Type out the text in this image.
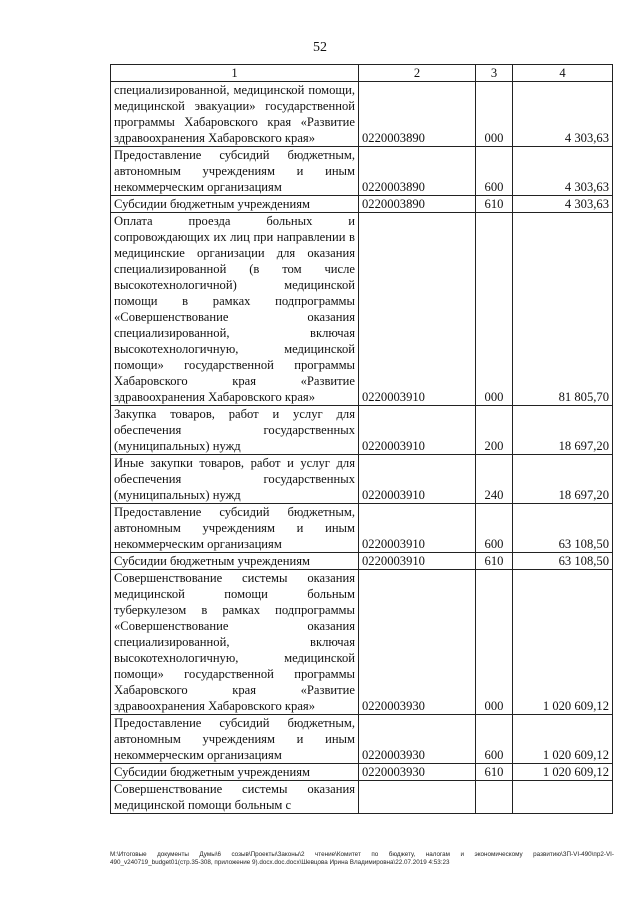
52
1	2	3	4
специализированной, медицинской помощи, медицинской эвакуации» государственной программы Хабаровского края «Развитие здравоохранения Хабаровского края»	0220003890	000	4 303,63
Предоставление субсидий бюджетным, автономным учреждениям и иным некоммерческим организациям	0220003890	600	4 303,63
Субсидии бюджетным учреждениям	0220003890	610	4 303,63
Оплата проезда больных и сопровождающих их лиц при направлении в медицинские организации для оказания специализированной (в том числе высокотехнологичной) медицинской помощи в рамках подпрограммы «Совершенствование оказания специализированной, включая высокотехнологичную, медицинской помощи» государственной программы Хабаровского края «Развитие здравоохранения Хабаровского края»	0220003910	000	81 805,70
Закупка товаров, работ и услуг для обеспечения государственных (муниципальных) нужд	0220003910	200	18 697,20
Иные закупки товаров, работ и услуг для обеспечения государственных (муниципальных) нужд	0220003910	240	18 697,20
Предоставление субсидий бюджетным, автономным учреждениям и иным некоммерческим организациям	0220003910	600	63 108,50
Субсидии бюджетным учреждениям	0220003910	610	63 108,50
Совершенствование системы оказания медицинской помощи больным туберкулезом в рамках подпрограммы «Совершенствование оказания специализированной, включая высокотехнологичную, медицинской помощи» государственной программы Хабаровского края «Развитие здравоохранения Хабаровского края»	0220003930	000	1 020 609,12
Предоставление субсидий бюджетным, автономным учреждениям и иным некоммерческим организациям	0220003930	600	1 020 609,12
Субсидии бюджетным учреждениям	0220003930	610	1 020 609,12
Совершенствование системы оказания медицинской помощи больным с			
M:\Итоговые документы Думы\6 созыв\Проекты\Законы\2 чтение\Комитет по бюджету, налогам и экономическому развитию\ЗП-VI-490\пр2-VI-490_v240719_budget01(стр.35-308, приложение 9).docx.doc.docx\Шевцова Ирина Владимировна\22.07.2019 4:53:23
